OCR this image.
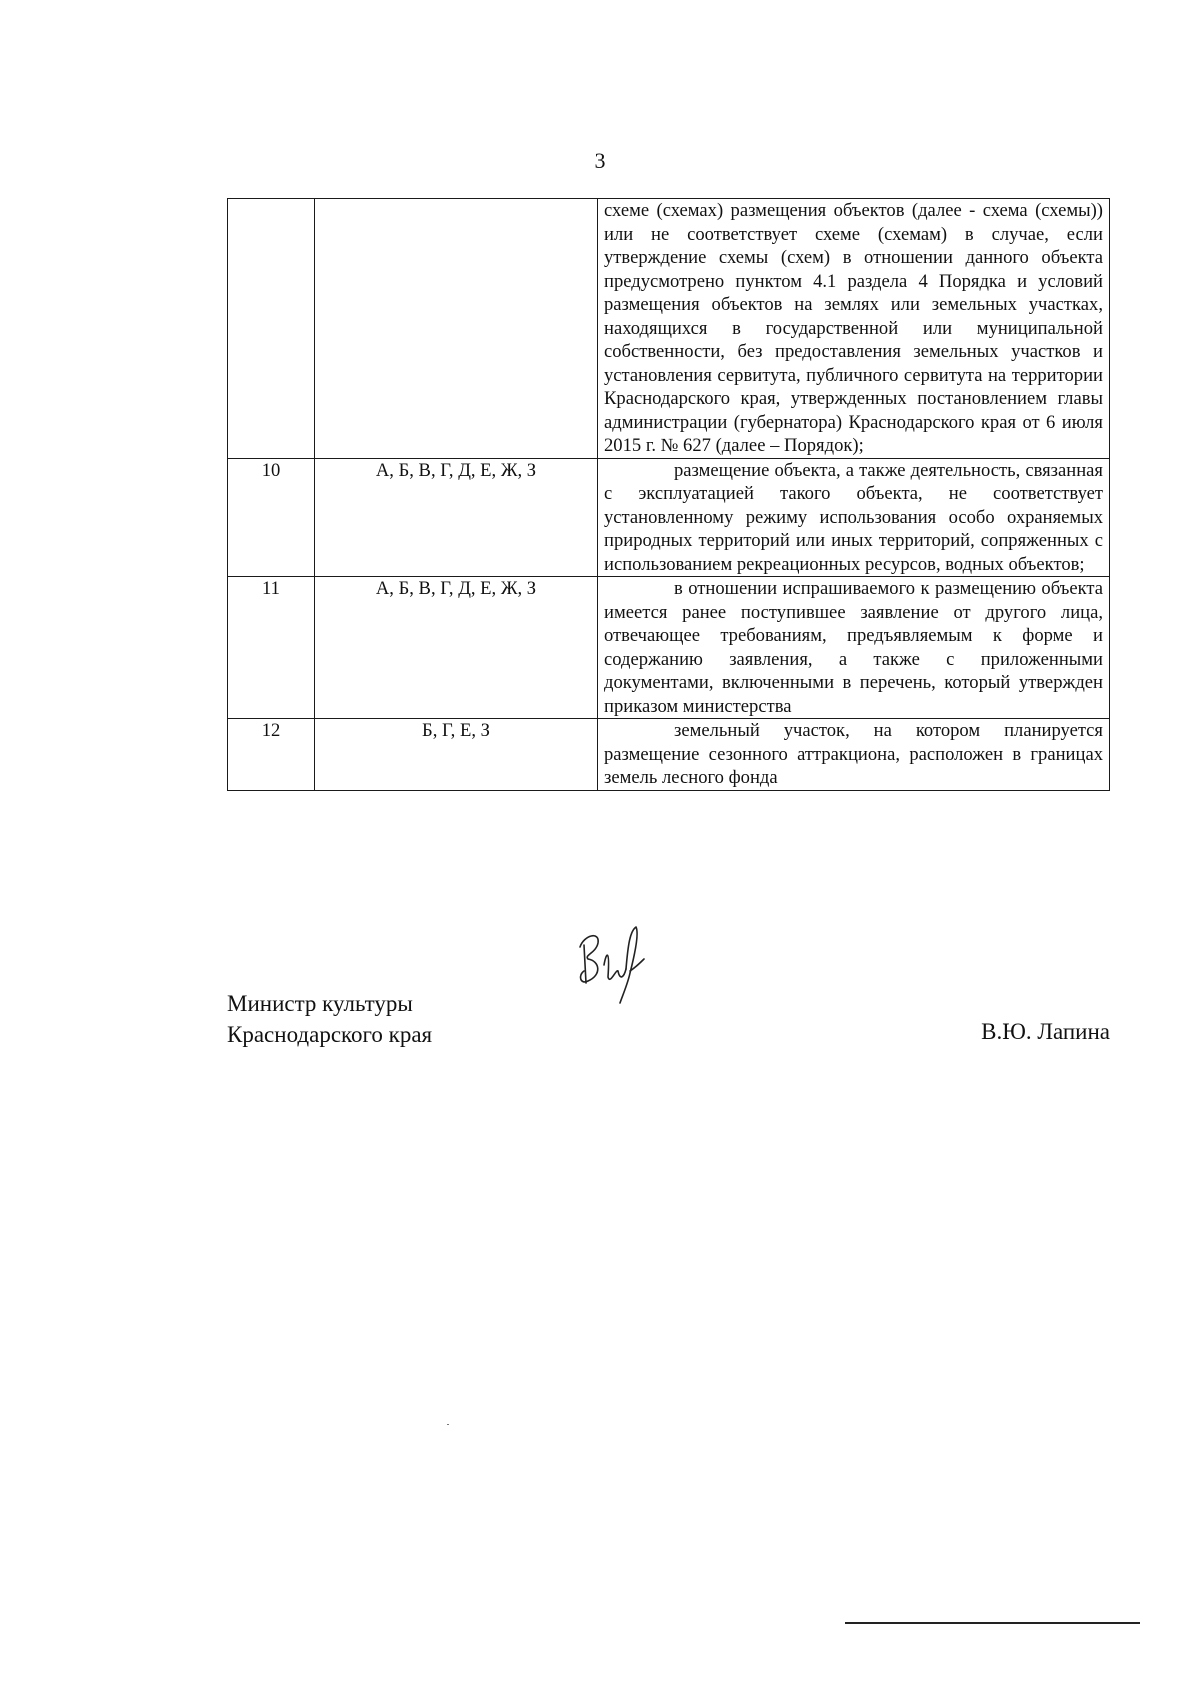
3
		схеме (схемах) размещения объектов (далее - схема (схемы)) или не соответствует схеме (схемам) в случае, если утверждение схемы (схем) в отношении данного объекта предусмотрено пунктом 4.1 раздела 4 Порядка и условий размещения объектов на землях или земельных участках, находящихся в государственной или муниципальной собственности, без предоставления земельных участков и установления сервитута, публичного сервитута на территории Краснодарского края, утвержденных постановлением главы администрации (губернатора) Краснодарского края от 6 июля 2015 г. № 627 (далее – Порядок);
10	А, Б, В, Г, Д, Е, Ж, З	размещение объекта, а также деятельность, связанная с эксплуатацией такого объекта, не соответствует установленному режиму использования особо охраняемых природных территорий или иных территорий, сопряженных с использованием рекреационных ресурсов, водных объектов;
11	А, Б, В, Г, Д, Е, Ж, З	в отношении испрашиваемого к размещению объекта имеется ранее поступившее заявление от другого лица, отвечающее требованиям, предъявляемым к форме и содержанию заявления, а также с приложенными документами, включенными в перечень, который утвержден приказом министерства
12	Б, Г, Е, З	земельный участок, на котором планируется размещение сезонного аттракциона, расположен в границах земель лесного фонда
Министр культуры
Краснодарского края	В.Ю. Лапина
